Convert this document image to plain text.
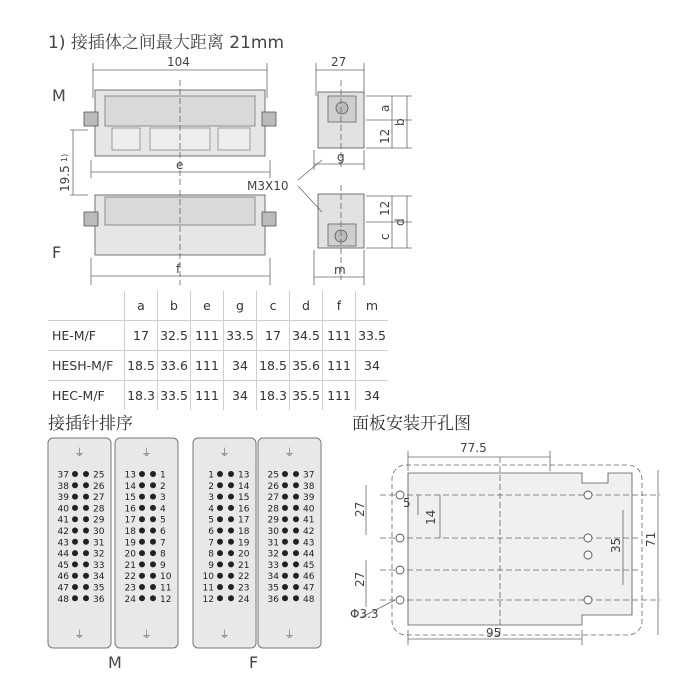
1) 接插体之间最大距离 21mm
M
F
104	27
e
g
f	m
M3X10
19.5
1)
a
12
b
12
c
d
	a	b	e	g	c	d	f	m
HE-M/F	17	32.5	111	33.5	17	34.5	111	33.5
HESH-M/F	18.5	33.6	111	34	18.5	35.6	111	34
HEC-M/F	18.3	33.5	111	34	18.3	35.5	111	34
接插针排序	面板安装开孔图
⏚
37	25
38	26
39	27
40	28
41	29
42	30
43	31
44	32
45	33
46	34
47	35
48	36
⏚
⏚
13	1
14	2
15	3
16	4
17	5
18	6
19	7
20	8
21	9
22	10
23	11
24	12
⏚
⏚
1	13
2	14
3	15
4	16
5	17
6	18
7	19
8	20
9	21
10	22
11	23
12	24
⏚
⏚
25	37
26	38
27	39
28	40
29	41
30	42
31	43
32	44
33	45
34	46
35	47
36	48
⏚
M	F
77.5
5
14
27
27
35 71
Φ3.3
95
